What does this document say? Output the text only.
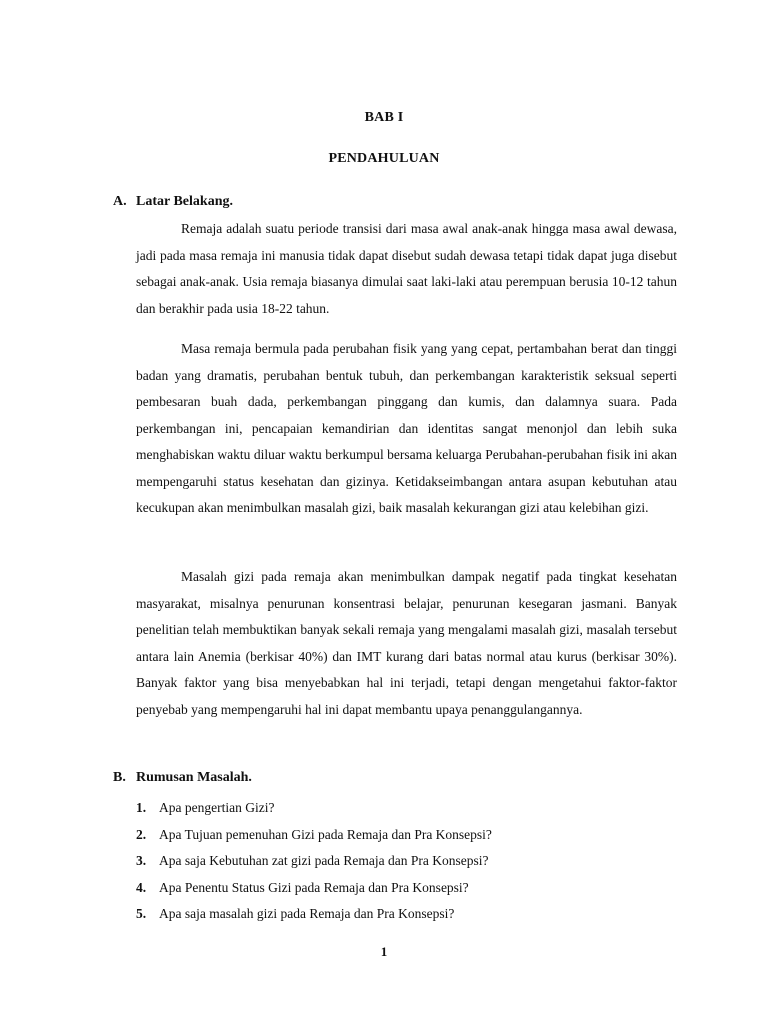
BAB I
PENDAHULUAN
A. Latar Belakang.

Remaja adalah suatu periode transisi dari masa awal anak-anak hingga masa awal dewasa, jadi pada masa remaja ini manusia tidak dapat disebut sudah dewasa tetapi tidak dapat juga disebut sebagai anak-anak. Usia remaja biasanya dimulai saat laki-laki atau perempuan berusia 10-12 tahun dan berakhir pada usia 18-22 tahun.

Masa remaja bermula pada perubahan fisik yang yang cepat, pertambahan berat dan tinggi badan yang dramatis, perubahan bentuk tubuh, dan perkembangan karakteristik seksual seperti pembesaran buah dada, perkembangan pinggang dan kumis, dan dalamnya suara. Pada perkembangan ini, pencapaian kemandirian dan identitas sangat menonjol dan lebih suka menghabiskan waktu diluar waktu berkumpul bersama keluarga Perubahan-perubahan fisik ini akan mempengaruhi status kesehatan dan gizinya. Ketidakseimbangan antara asupan kebutuhan atau kecukupan akan menimbulkan masalah gizi, baik masalah kekurangan gizi atau kelebihan gizi.

Masalah gizi pada remaja akan menimbulkan dampak negatif pada tingkat kesehatan masyarakat, misalnya penurunan konsentrasi belajar, penurunan kesegaran jasmani. Banyak penelitian telah membuktikan banyak sekali remaja yang mengalami masalah gizi, masalah tersebut antara lain Anemia (berkisar 40%) dan IMT kurang dari batas normal atau kurus (berkisar 30%). Banyak faktor yang bisa menyebabkan hal ini terjadi, tetapi dengan mengetahui faktor-faktor penyebab yang mempengaruhi hal ini dapat membantu upaya penanggulangannya.

B. Rumusan Masalah.
1. Apa pengertian Gizi?
2. Apa Tujuan pemenuhan Gizi pada Remaja dan Pra Konsepsi?
3. Apa saja Kebutuhan zat gizi pada Remaja dan Pra Konsepsi?
4. Apa Penentu Status Gizi pada Remaja dan Pra Konsepsi?
5. Apa saja masalah gizi pada Remaja dan Pra Konsepsi?
1
